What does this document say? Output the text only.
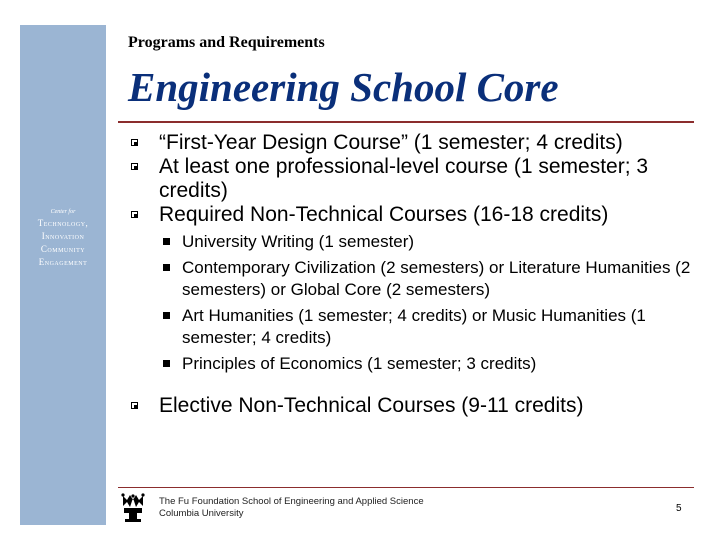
Center for
Technology,
Innovation
Community
Engagement
Programs and Requirements
Engineering School Core
“First-Year Design Course” (1 semester; 4 credits)
At least one professional-level course (1 semester; 3 credits)
Required Non-Technical Courses (16-18 credits)
University Writing (1 semester)
Contemporary Civilization (2 semesters) or Literature Humanities (2 semesters) or Global Core (2 semesters)
Art Humanities (1 semester; 4 credits) or Music Humanities (1 semester; 4 credits)
Principles of Economics (1 semester; 3 credits)
Elective Non-Technical Courses (9-11 credits)
The Fu Foundation School of Engineering and Applied Science
Columbia University	5
